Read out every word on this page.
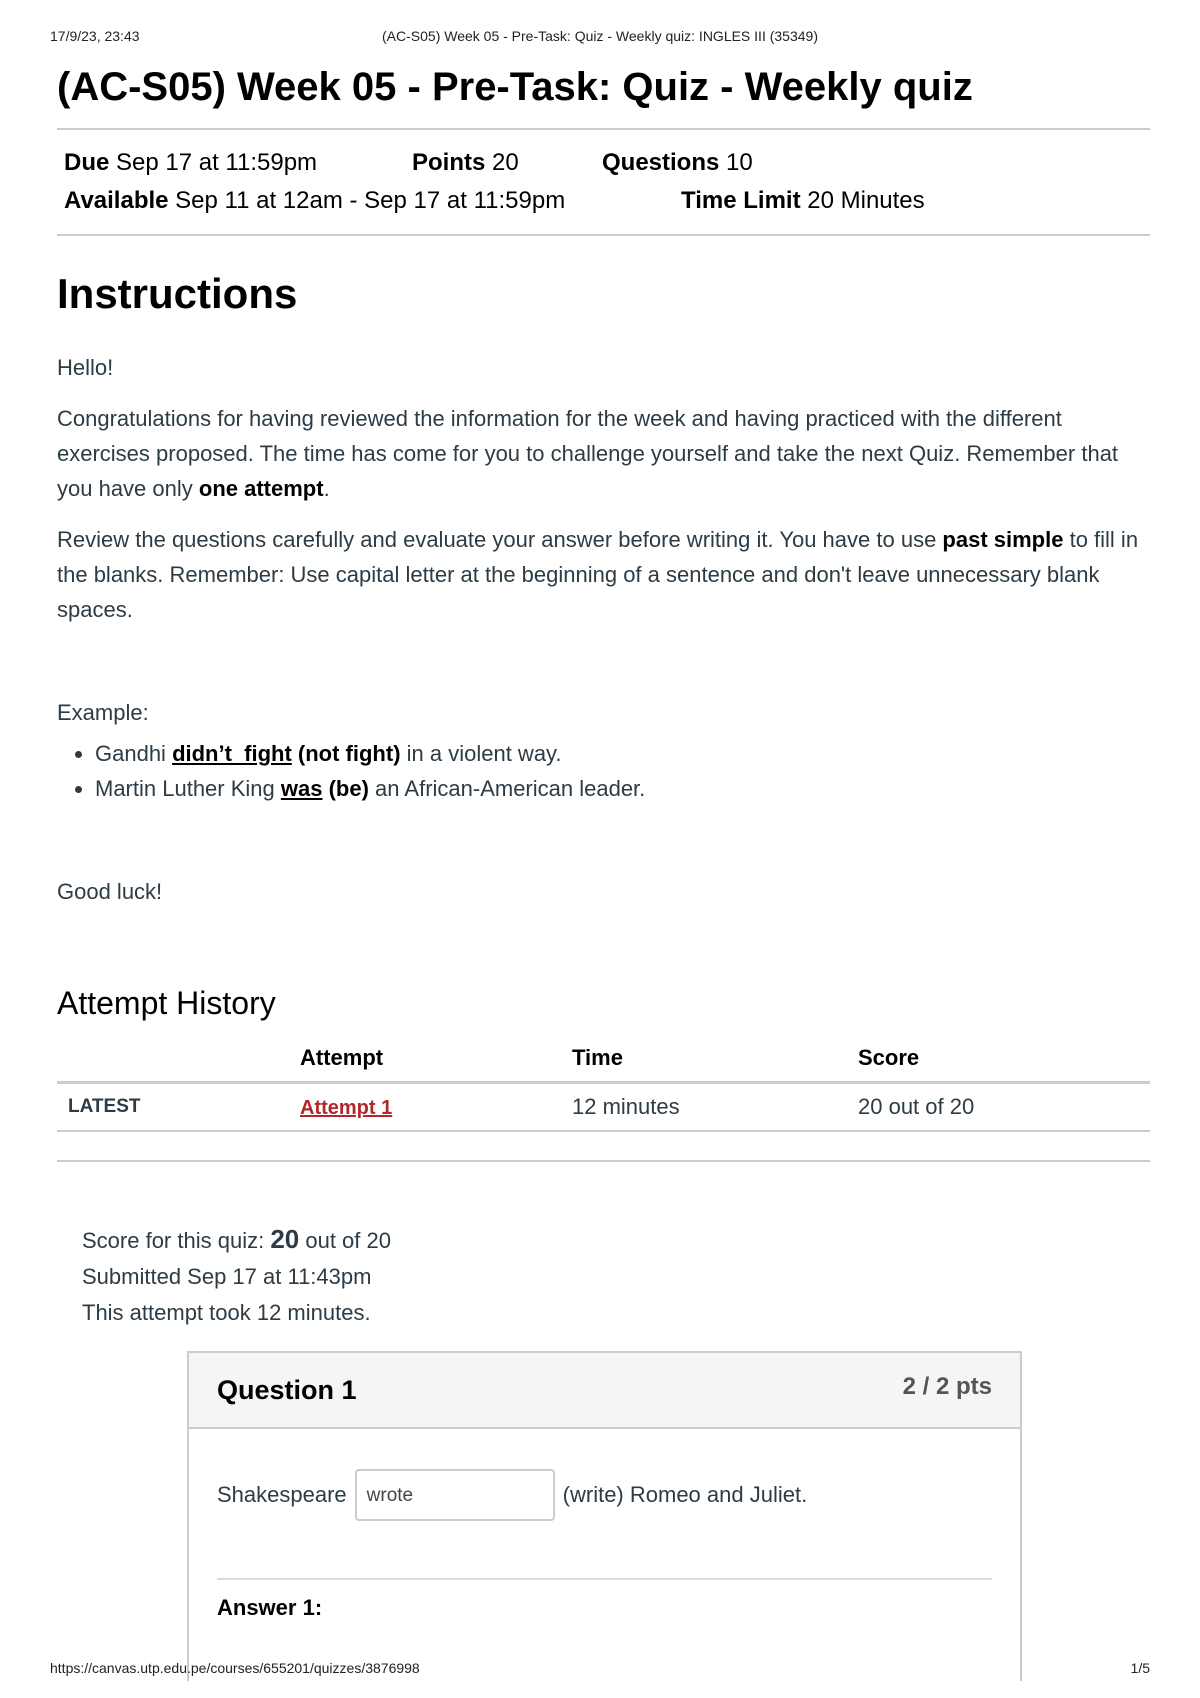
17/9/23, 23:43	(AC-S05) Week 05 - Pre-Task: Quiz - Weekly quiz: INGLES III (35349)
(AC-S05) Week 05 - Pre-Task: Quiz - Weekly quiz
Due Sep 17 at 11:59pm	Points 20	Questions 10
Available Sep 11 at 12am - Sep 17 at 11:59pm	Time Limit 20 Minutes
Instructions

Hello!

Congratulations for having reviewed the information for the week and having practiced with the different exercises proposed. The time has come for you to challenge yourself and take the next Quiz. Remember that you have only one attempt.

Review the questions carefully and evaluate your answer before writing it. You have to use past simple to fill in the blanks. Remember: Use capital letter at the beginning of a sentence and don't leave unnecessary blank spaces.

Example:

• Gandhi didn’t  fight (not fight) in a violent way.
• Martin Luther King was (be) an African-American leader.

Good luck!

Attempt History
	Attempt	Time	Score
LATEST	Attempt 1	12 minutes	20 out of 20
Score for this quiz: 20 out of 20
Submitted Sep 17 at 11:43pm
This attempt took 12 minutes.
Question 1	2 / 2 pts
Shakespeare	wrote	(write) Romeo and Juliet.
Answer 1:
https://canvas.utp.edu.pe/courses/655201/quizzes/3876998	1/5
